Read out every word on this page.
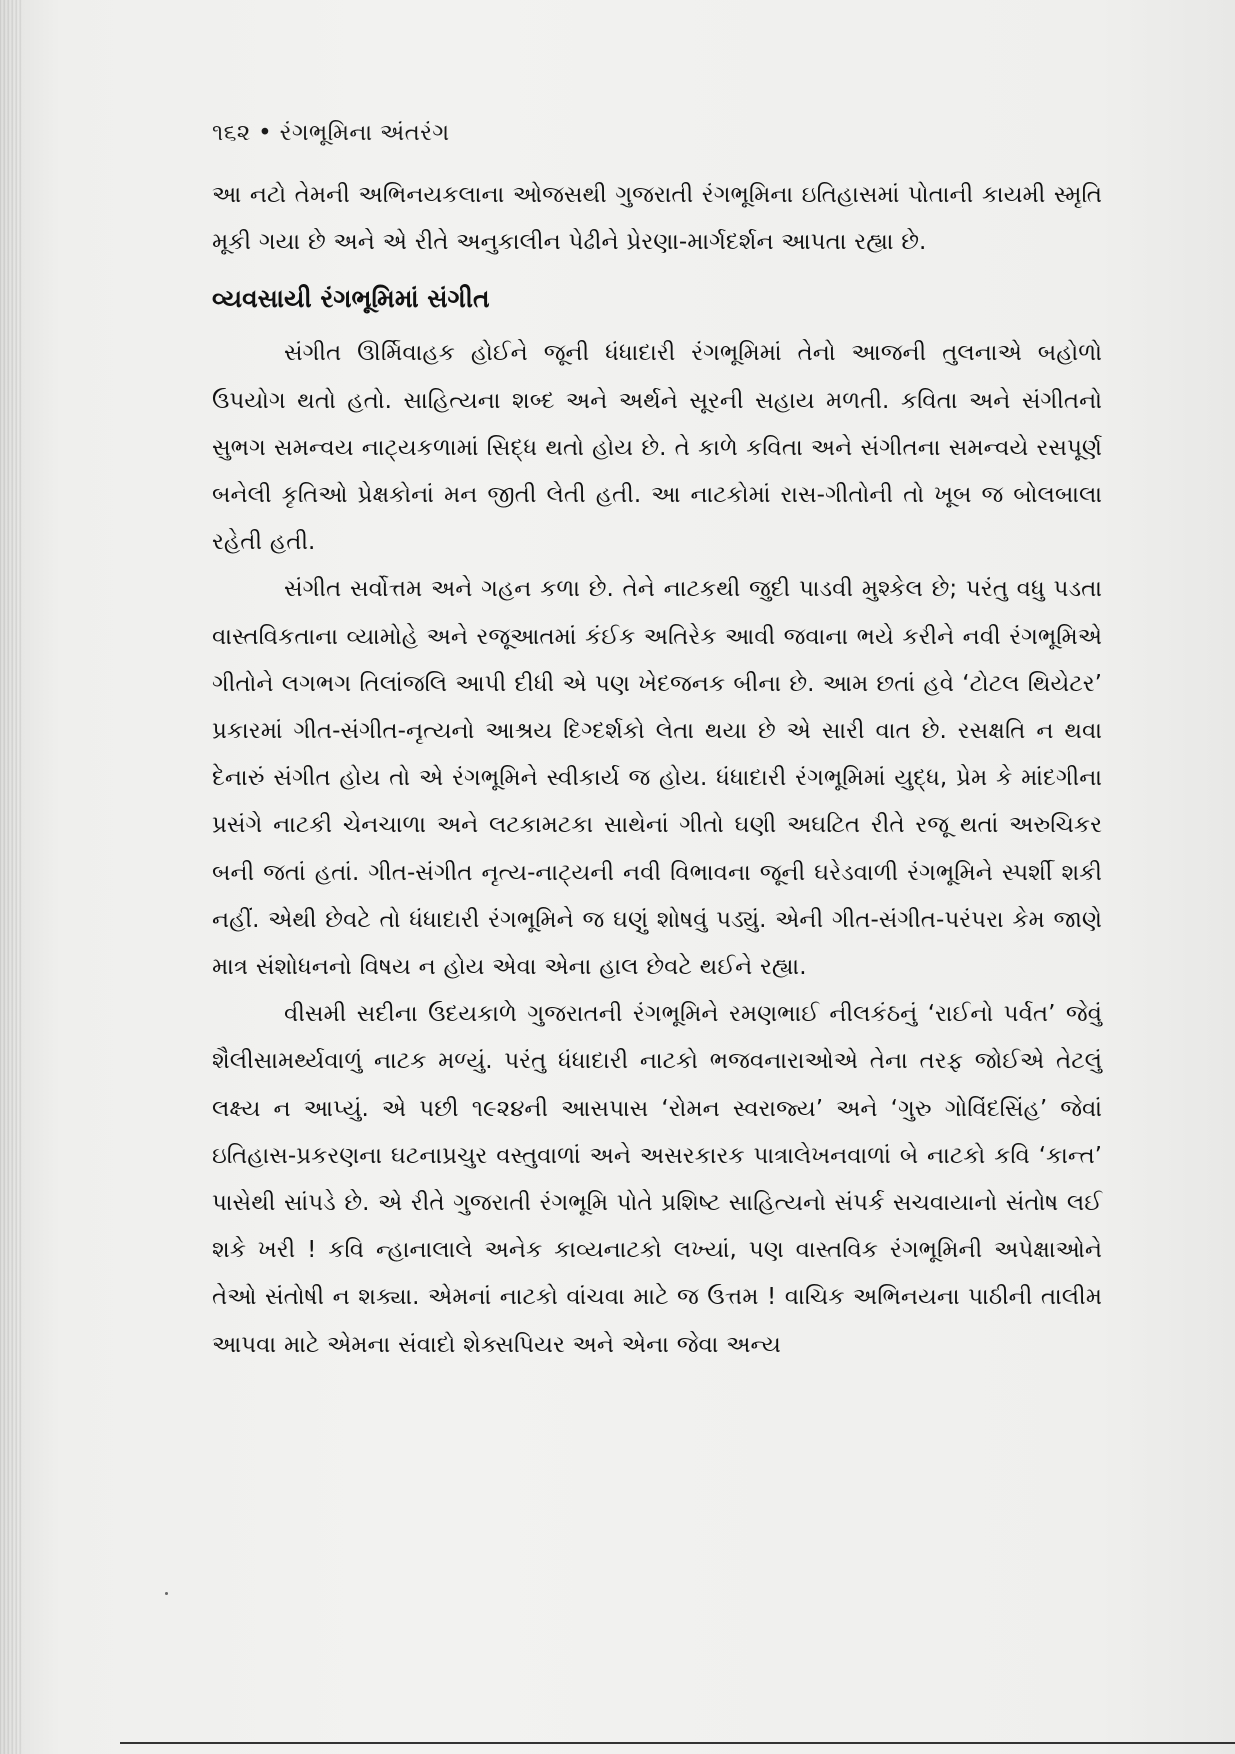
૧૬૨ • રંગભૂમિના અંતરંગ

આ નટો તેમની અભિનયકલાના ઓજસથી ગુજરાતી રંગભૂમિના ઇતિહાસમાં પોતાની કાયમી સ્મૃતિ મૂકી ગયા છે અને એ રીતે અનુકાલીન પેઢીને પ્રેરણા-માર્ગદર્શન આપતા રહ્યા છે.

વ્યવસાયી રંગભૂમિમાં સંગીત

સંગીત ઊર્મિવાહક હોઈને જૂની ધંધાદારી રંગભૂમિમાં તેનો આજની તુલનાએ બહોળો ઉપયોગ થતો હતો. સાહિત્યના શબ્દ અને અર્થને સૂરની સહાય મળતી. કવિતા અને સંગીતનો સુભગ સમન્વય નાટ્યકળામાં સિદ્ધ થતો હોય છે. તે કાળે કવિતા અને સંગીતના સમન્વયે રસપૂર્ણ બનેલી કૃતિઓ પ્રેક્ષકોનાં મન જીતી લેતી હતી. આ નાટકોમાં રાસ-ગીતોની તો ખૂબ જ બોલબાલા રહેતી હતી.

સંગીત સર્વોત્તમ અને ગહન કળા છે. તેને નાટકથી જુદી પાડવી મુશ્કેલ છે; પરંતુ વધુ પડતા વાસ્તવિકતાના વ્યામોહે અને રજૂઆતમાં કંઈક અતિરેક આવી જવાના ભયે કરીને નવી રંગભૂમિએ ગીતોને લગભગ તિલાંજલિ આપી દીધી એ પણ ખેદજનક બીના છે. આમ છતાં હવે ‘ટોટલ થિયેટર’ પ્રકારમાં ગીત-સંગીત-નૃત્યનો આશ્રય દિગ્દર્શકો લેતા થયા છે એ સારી વાત છે. રસક્ષતિ ન થવા દેનારું સંગીત હોય તો એ રંગભૂમિને સ્વીકાર્ય જ હોય. ધંધાદારી રંગભૂમિમાં યુદ્ધ, પ્રેમ કે માંદગીના પ્રસંગે નાટકી ચેનચાળા અને લટકામટકા સાથેનાં ગીતો ઘણી અઘટિત રીતે રજૂ થતાં અરુચિકર બની જતાં હતાં. ગીત-સંગીત નૃત્ય-નાટ્યની નવી વિભાવના જૂની ઘરેડવાળી રંગભૂમિને સ્પર્શી શકી નહીં. એથી છેવટે તો ધંધાદારી રંગભૂમિને જ ઘણું શોષવું પડ્યું. એની ગીત-સંગીત-પરંપરા કેમ જાણે માત્ર સંશોધનનો વિષય ન હોય એવા એના હાલ છેવટે થઈને રહ્યા.

વીસમી સદીના ઉદયકાળે ગુજરાતની રંગભૂમિને રમણભાઈ નીલકંઠનું ‘રાઈનો પર્વત’ જેવું શૈલીસામર્થ્યવાળું નાટક મળ્યું. પરંતુ ધંધાદારી નાટકો ભજવનારાઓએ તેના તરફ જોઈએ તેટલું લક્ષ્ય ન આપ્યું. એ પછી ૧૯૨૪ની આસપાસ ‘રોમન સ્વરાજ્ય’ અને ‘ગુરુ ગોવિંદસિંહ’ જેવાં ઇતિહાસ-પ્રકરણના ઘટનાપ્રચુર વસ્તુવાળાં અને અસરકારક પાત્રાલેખનવાળાં બે નાટકો કવિ ‘કાન્ત’ પાસેથી સાંપડે છે. એ રીતે ગુજરાતી રંગભૂમિ પોતે પ્રશિષ્ટ સાહિત્યનો સંપર્ક સચવાયાનો સંતોષ લઈ શકે ખરી ! કવિ ન્હાનાલાલે અનેક કાવ્યનાટકો લખ્યાં, પણ વાસ્તવિક રંગભૂમિની અપેક્ષાઓને તેઓ સંતોષી ન શક્યા. એમનાં નાટકો વાંચવા માટે જ ઉત્તમ ! વાચિક અભિનયના પાઠીની તાલીમ આપવા માટે એમના સંવાદો શેક્સપિયર અને એના જેવા અન્ય
